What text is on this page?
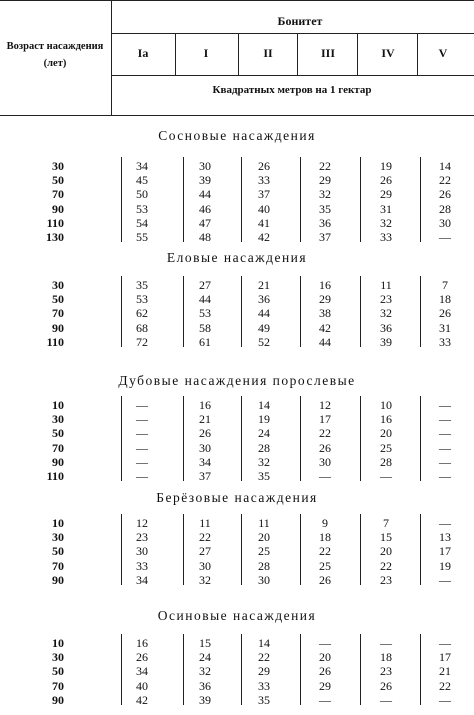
Возраст насаждения (лет)
Бонитет
Ia	I	II	III	IV	V
Квадратных метров на 1 гектар
Сосновые насаждения
30	34	30	26	22	19	14
50	45	39	33	29	26	22
70	50	44	37	32	29	26
90	53	46	40	35	31	28
110	54	47	41	36	32	30
130	55	48	42	37	33	—
Еловые насаждения
30	35	27	21	16	11	7
50	53	44	36	29	23	18
70	62	53	44	38	32	26
90	68	58	49	42	36	31
110	72	61	52	44	39	33
Дубовые насаждения порослевые
10	—	16	14	12	10	—
30	—	21	19	17	16	—
50	—	26	24	22	20	—
70	—	30	28	26	25	—
90	—	34	32	30	28	—
110	—	37	35	—	—	—
Берёзовые насаждения
10	12	11	11	9	7	—
30	23	22	20	18	15	13
50	30	27	25	22	20	17
70	33	30	28	25	22	19
90	34	32	30	26	23	—
Осиновые насаждения
10	16	15	14	—	—	—
30	26	24	22	20	18	17
50	34	32	29	26	23	21
70	40	36	33	29	26	22
90	42	39	35	—	—	—
